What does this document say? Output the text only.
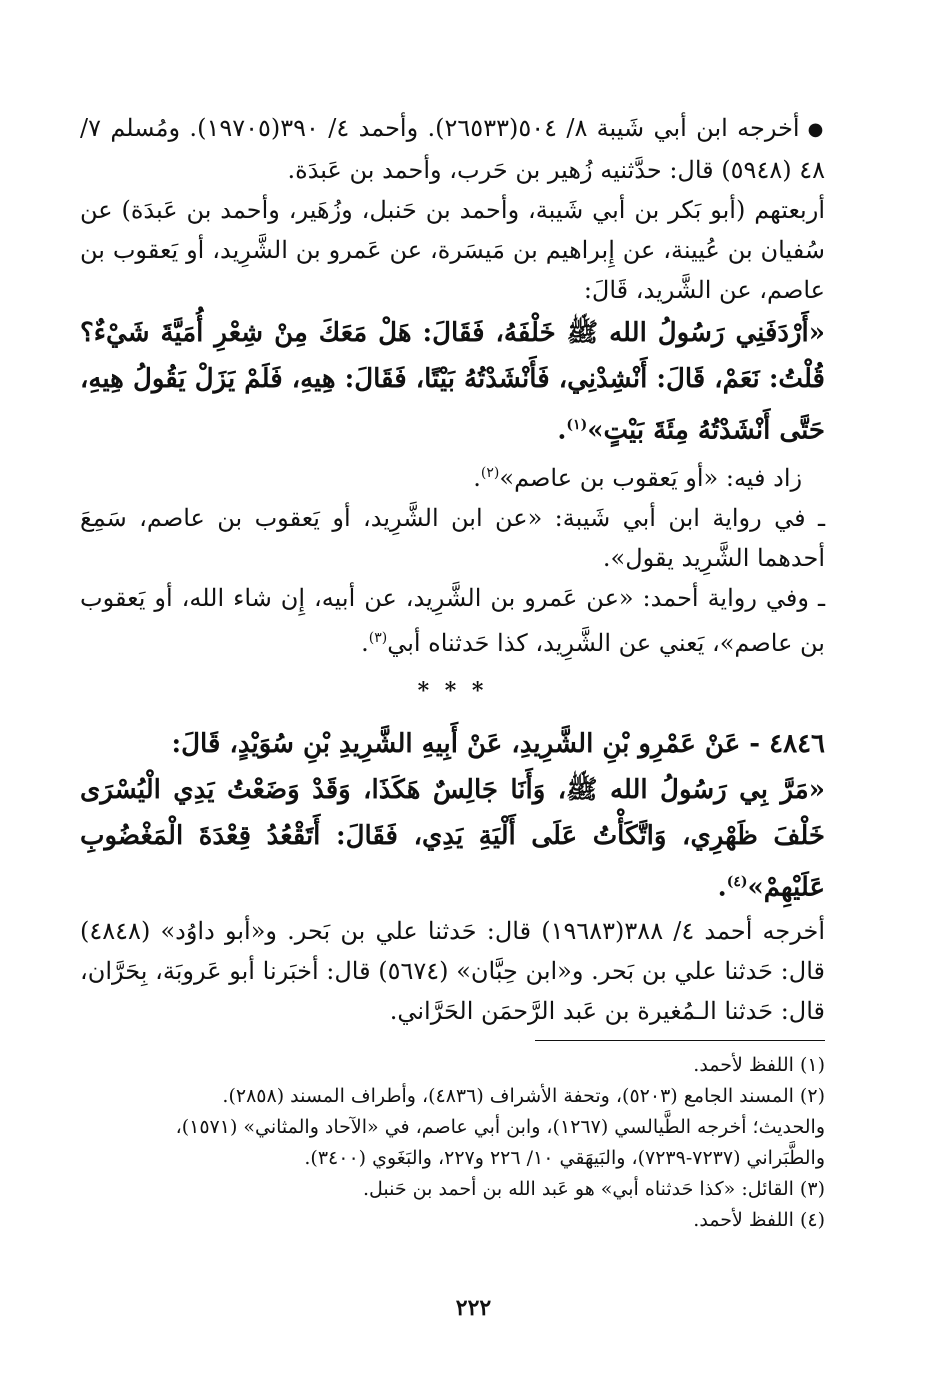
●أخرجه ابن أبي شَيبة ٨/ ٥٠٤(٢٦٥٣٣). وأحمد ٤/ ٣٩٠(١٩٧٠٥). ومُسلم ٧/ ٤٨ (٥٩٤٨) قال: حدَّثنيه زُهير بن حَرب، وأحمد بن عَبدَة.

أربعتهم (أبو بَكر بن أبي شَيبة، وأحمد بن حَنبل، وزُهَير، وأحمد بن عَبدَة) عن سُفيان بن عُيينة، عن إِبراهيم بن مَيسَرة، عن عَمرو بن الشَّرِيد، أو يَعقوب بن عاصم، عن الشَّريد، قَالَ:

«أَرْدَفَنِي رَسُولُ الله ﷺ خَلْفَهُ، فَقَالَ: هَلْ مَعَكَ مِنْ شِعْرِ أُمَيَّةَ شَيْءٌ؟ قُلْتُ: نَعَمْ، قَالَ: أَنْشِدْنِي، فَأَنْشَدْتُهُ بَيْتًا، فَقَالَ: هِيهِ، فَلَمْ يَزَلْ يَقُولُ هِيهِ، حَتَّى أَنْشَدْتُهُ مِئَةَ بَيْتٍ»$^{(١)}$.

زاد فيه: «أو يَعقوب بن عاصم»$^{(٢)}$.

ـ في رواية ابن أبي شَيبة: «عن ابن الشَّرِيد، أو يَعقوب بن عاصم، سَمِعَ أحدهما الشَّرِيد يقول».

ـ وفي رواية أحمد: «عن عَمرو بن الشَّرِيد، عن أبيه، إِن شاء الله، أو يَعقوب بن عاصم»، يَعني عن الشَّرِيد، كذا حَدثناه أبي$^{(٣)}$.

* * *

٤٨٤٦ - عَنْ عَمْرِو بْنِ الشَّرِيدِ، عَنْ أَبِيهِ الشَّرِيدِ بْنِ سُوَيْدٍ، قَالَ:

«مَرَّ بِي رَسُولُ الله ﷺ، وَأَنَا جَالِسٌ هَكَذَا، وَقَدْ وَضَعْتُ يَدِي الْيُسْرَى خَلْفَ ظَهْرِي، وَاتَّكَأْتُ عَلَى أَلْيَةِ يَدِي، فَقَالَ: أَتَقْعُدُ قِعْدَةَ الْمَغْضُوبِ عَلَيْهِمْ»$^{(٤)}$.

أخرجه أحمد ٤/ ٣٨٨(١٩٦٨٣) قال: حَدثنا علي بن بَحر. و«أبو داوُد» (٤٨٤٨) قال: حَدثنا علي بن بَحر. و«ابن حِبَّان» (٥٦٧٤) قال: أخبَرنا أبو عَروبَة، بِحَرَّان، قال: حَدثنا الـمُغيرة بن عَبد الرَّحمَن الحَرَّاني.

(١) اللفظ لأحمد.

(٢) المسند الجامع (٥٢٠٣)، وتحفة الأشراف (٤٨٣٦)، وأطراف المسند (٢٨٥٨).

والحديث؛ أخرجه الطَّيالسي (١٢٦٧)، وابن أبي عاصم، في «الآحاد والمثاني» (١٥٧١)، والطَّبَراني (٧٢٣٧-٧٢٣٩)، والبَيهَقي ١٠/ ٢٢٦ و٢٢٧، والبَغَوي (٣٤٠٠).

(٣) القائل: «كذا حَدثناه أبي» هو عَبد الله بن أحمد بن حَنبل.

(٤) اللفظ لأحمد.

٢٢٢
